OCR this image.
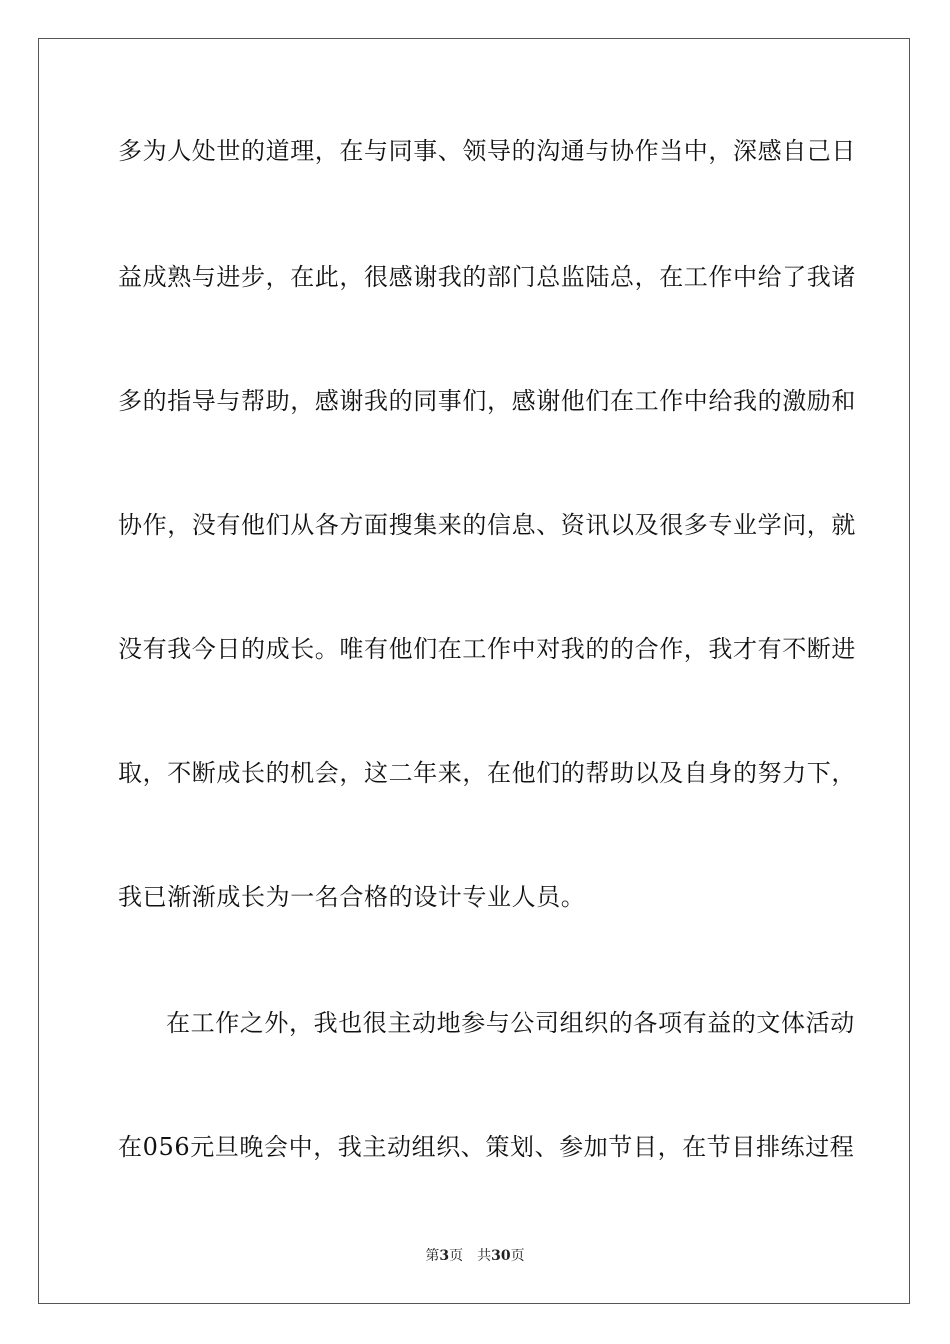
多为人处世的道理，在与同事、领导的沟通与协作当中，深感自己日
益成熟与进步，在此，很感谢我的部门总监陆总，在工作中给了我诸
多的指导与帮助，感谢我的同事们，感谢他们在工作中给我的激励和
协作，没有他们从各方面搜集来的信息、资讯以及很多专业学问，就
没有我今日的成长。唯有他们在工作中对我的的合作，我才有不断进
取，不断成长的机会，这二年来，在他们的帮助以及自身的努力下，
我已渐渐成长为一名合格的设计专业人员。
在工作之外，我也很主动地参与公司组织的各项有益的文体活动
在056元旦晚会中，我主动组织、策划、参加节目，在节目排练过程
第3页 共30页
